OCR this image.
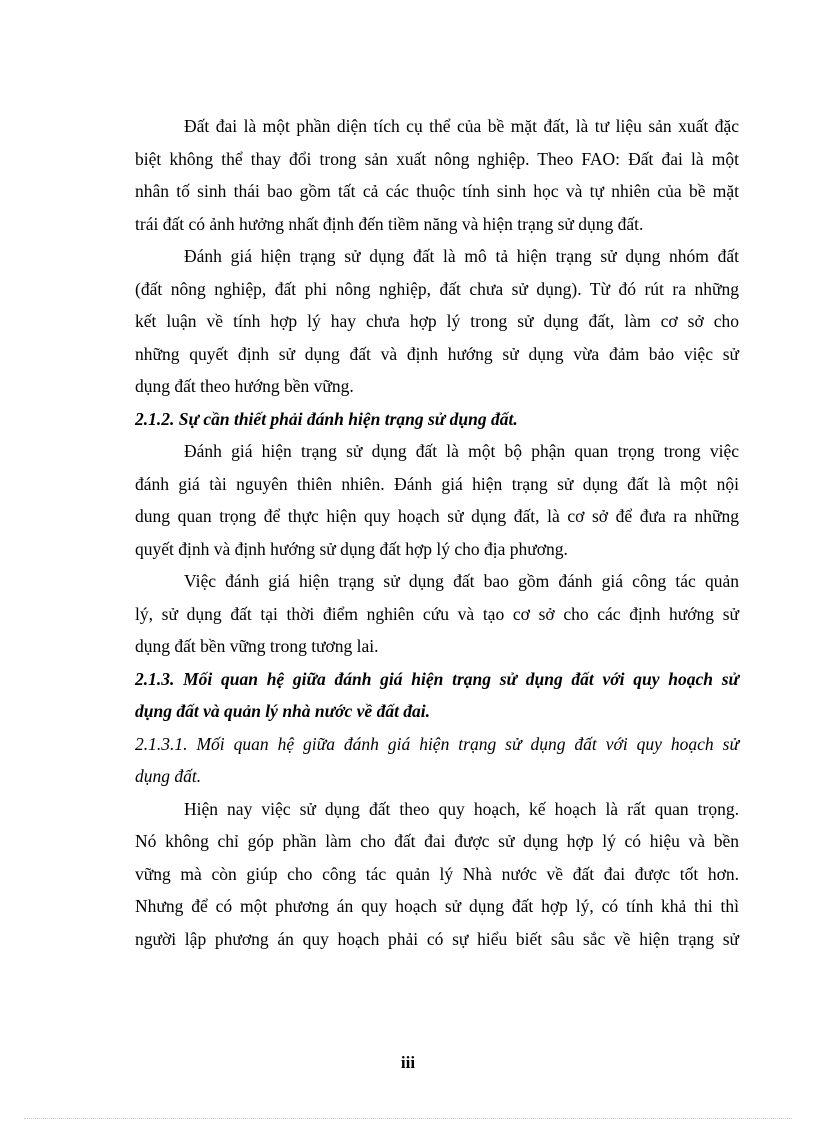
Đất đai là một phần diện tích cụ thể của bề mặt đất, là tư liệu sản xuất đặc
biệt không thể thay đổi trong sản xuất nông nghiệp. Theo FAO: Đất đai là một
nhân tố sinh thái bao gồm tất cả các thuộc tính sinh học và tự nhiên của bề mặt
trái đất có ảnh hưởng nhất định đến tiềm năng và hiện trạng sử dụng đất.
Đánh giá hiện trạng sử dụng đất là mô tả hiện trạng sử dụng nhóm đất
(đất nông nghiệp, đất phi nông nghiệp, đất chưa sử dụng). Từ đó rút ra những
kết luận về tính hợp lý hay chưa hợp lý trong sử dụng đất, làm cơ sở cho
những quyết định sử dụng đất và định hướng sử dụng vừa đảm bảo việc sử
dụng đất theo hướng bền vững.
2.1.2. Sự cần thiết phải đánh hiện trạng sử dụng đất.
Đánh giá hiện trạng sử dụng đất là một bộ phận quan trọng trong việc
đánh giá tài nguyên thiên nhiên. Đánh giá hiện trạng sử dụng đất là một nội
dung quan trọng để thực hiện quy hoạch sử dụng đất, là cơ sở để đưa ra những
quyết định và định hướng sử dụng đất hợp lý cho địa phương.
Việc đánh giá hiện trạng sử dụng đất bao gồm đánh giá công tác quản
lý, sử dụng đất tại thời điểm nghiên cứu và tạo cơ sở cho các định hướng sử
dụng đất bền vững trong tương lai.
2.1.3. Mối quan hệ giữa đánh giá hiện trạng sử dụng đất với quy hoạch sử
dụng đất và quản lý nhà nước về đất đai.
2.1.3.1. Mối quan hệ giữa đánh giá hiện trạng sử dụng đất với quy hoạch sử
dụng đất.
Hiện nay việc sử dụng đất theo quy hoạch, kế hoạch là rất quan trọng.
Nó không chỉ góp phần làm cho đất đai được sử dụng hợp lý có hiệu và bền
vững mà còn giúp cho công tác quản lý Nhà nước về đất đai được tốt hơn.
Nhưng để có một phương án quy hoạch sử dụng đất hợp lý, có tính khả thi thì
người lập phương án quy hoạch phải có sự hiểu biết sâu sắc về hiện trạng sử
iii
